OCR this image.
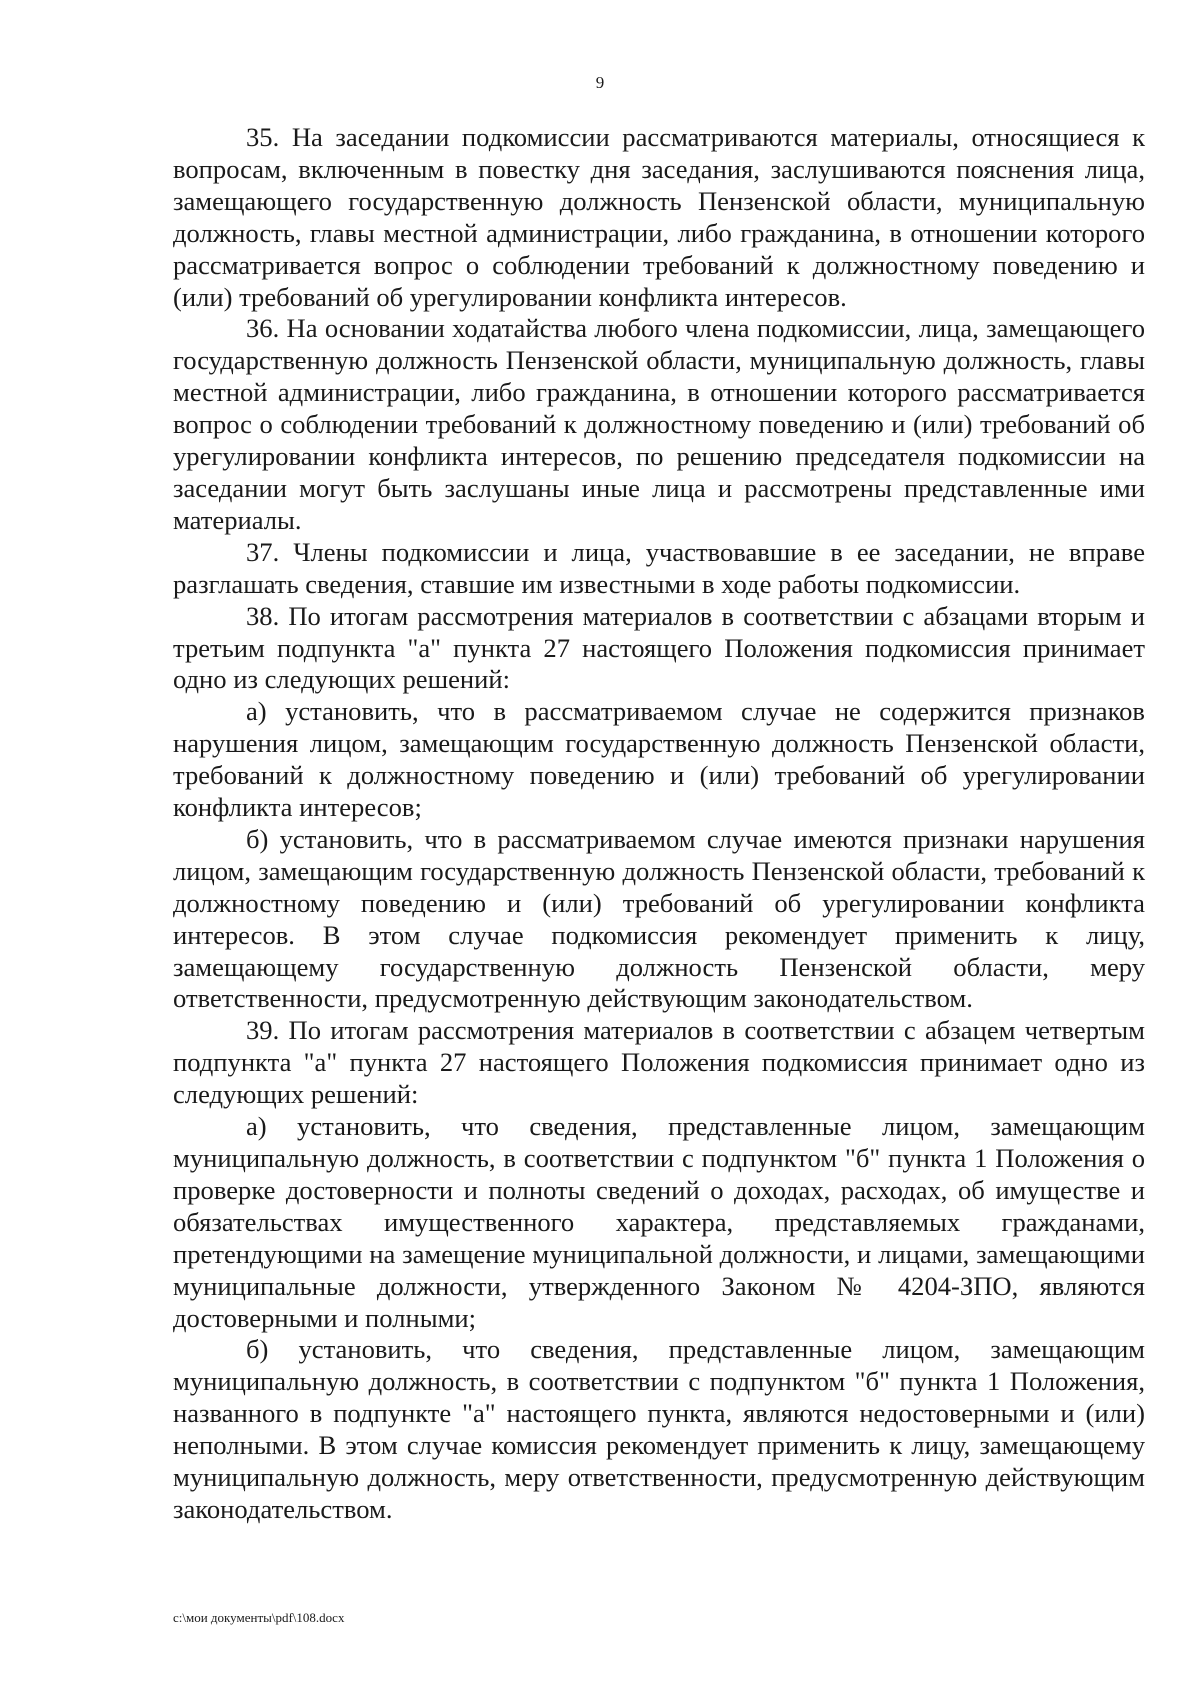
9

35. На заседании подкомиссии рассматриваются материалы, относящиеся к вопросам, включенным в повестку дня заседания, заслушиваются пояснения лица, замещающего государственную должность Пензенской области, муниципальную должность, главы местной администрации, либо гражданина, в отношении которого рассматривается вопрос о соблюдении требований к должностному поведению и (или) требований об урегулировании конфликта интересов.

36. На основании ходатайства любого члена подкомиссии, лица, замещающего государственную должность Пензенской области, муниципальную должность, главы местной администрации, либо гражданина, в отношении которого рассматривается вопрос о соблюдении требований к должностному поведению и (или) требований об урегулировании конфликта интересов, по решению председателя подкомиссии на заседании могут быть заслушаны иные лица и рассмотрены представленные ими материалы.

37. Члены подкомиссии и лица, участвовавшие в ее заседании, не вправе разглашать сведения, ставшие им известными в ходе работы подкомиссии.

38. По итогам рассмотрения материалов в соответствии с абзацами вторым и третьим подпункта "а" пункта 27 настоящего Положения подкомиссия принимает одно из следующих решений:

а) установить, что в рассматриваемом случае не содержится признаков нарушения лицом, замещающим государственную должность Пензенской области, требований к должностному поведению и (или) требований об урегулировании конфликта интересов;

б) установить, что в рассматриваемом случае имеются признаки нарушения лицом, замещающим государственную должность Пензенской области, требований к должностному поведению и (или) требований об урегулировании конфликта интересов. В этом случае подкомиссия рекомендует применить к лицу, замещающему государственную должность Пензенской области, меру ответственности, предусмотренную действующим законодательством.

39. По итогам рассмотрения материалов в соответствии с абзацем четвертым подпункта "а" пункта 27 настоящего Положения подкомиссия принимает одно из следующих решений:

а) установить, что сведения, представленные лицом, замещающим муниципальную должность, в соответствии с подпунктом "б" пункта 1 Положения о проверке достоверности и полноты сведений о доходах, расходах, об имуществе и обязательствах имущественного характера, представляемых гражданами, претендующими на замещение муниципальной должности, и лицами, замещающими муниципальные должности, утвержденного Законом № 4204-ЗПО, являются достоверными и полными;

б) установить, что сведения, представленные лицом, замещающим муниципальную должность, в соответствии с подпунктом "б" пункта 1 Положения, названного в подпункте "а" настоящего пункта, являются недостоверными и (или) неполными. В этом случае комиссия рекомендует применить к лицу, замещающему муниципальную должность, меру ответственности, предусмотренную действующим законодательством.

c:\мои документы\pdf\108.docx
